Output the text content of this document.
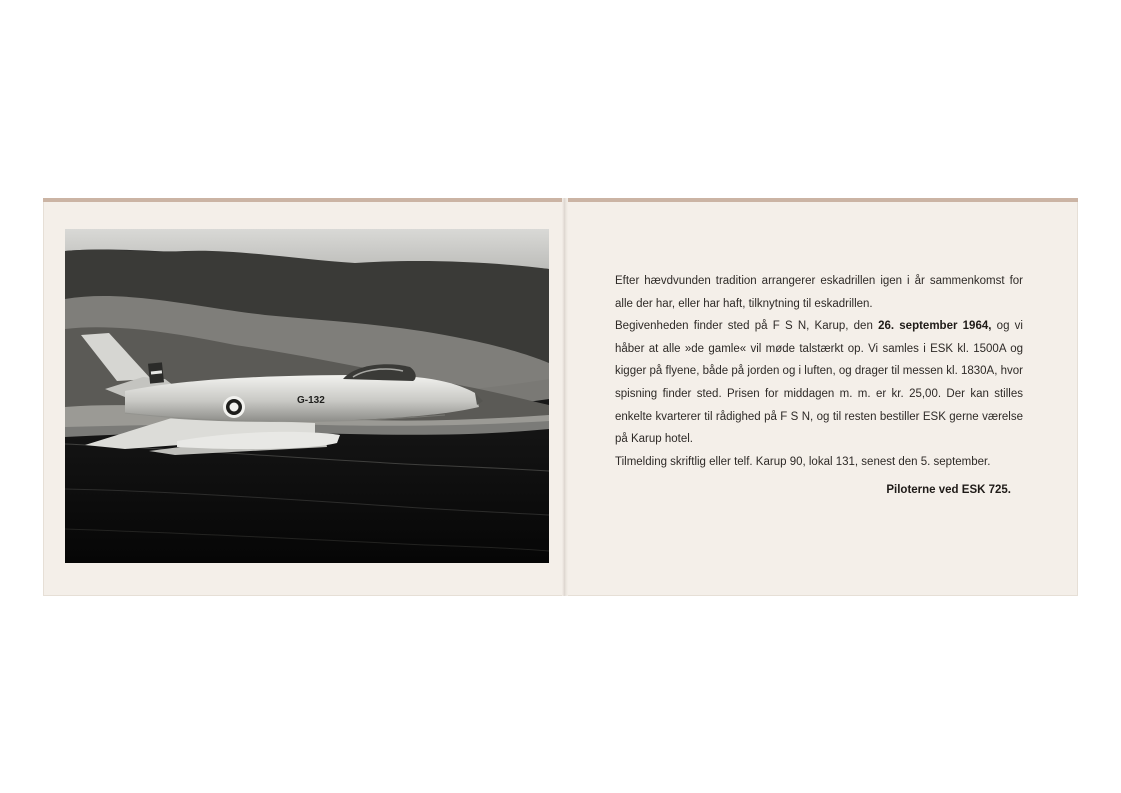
G-132

Efter hævdvunden tradition arrangerer eskadrillen igen i år sammenkomst for alle der har, eller har haft, tilknytning til eskadrillen.

Begivenheden finder sted på F S N, Karup, den 26. september 1964, og vi håber at alle »de gamle« vil møde talstærkt op. Vi samles i ESK kl. 1500A og kigger på flyene, både på jorden og i luften, og drager til messen kl. 1830A, hvor spisning finder sted. Prisen for middagen m. m. er kr. 25,00. Der kan stilles enkelte kvarterer til rådighed på F S N, og til resten bestiller ESK gerne værelse på Karup hotel.

Tilmelding skriftlig eller telf. Karup 90, lokal 131, senest den 5. september.

Piloterne ved ESK 725.
